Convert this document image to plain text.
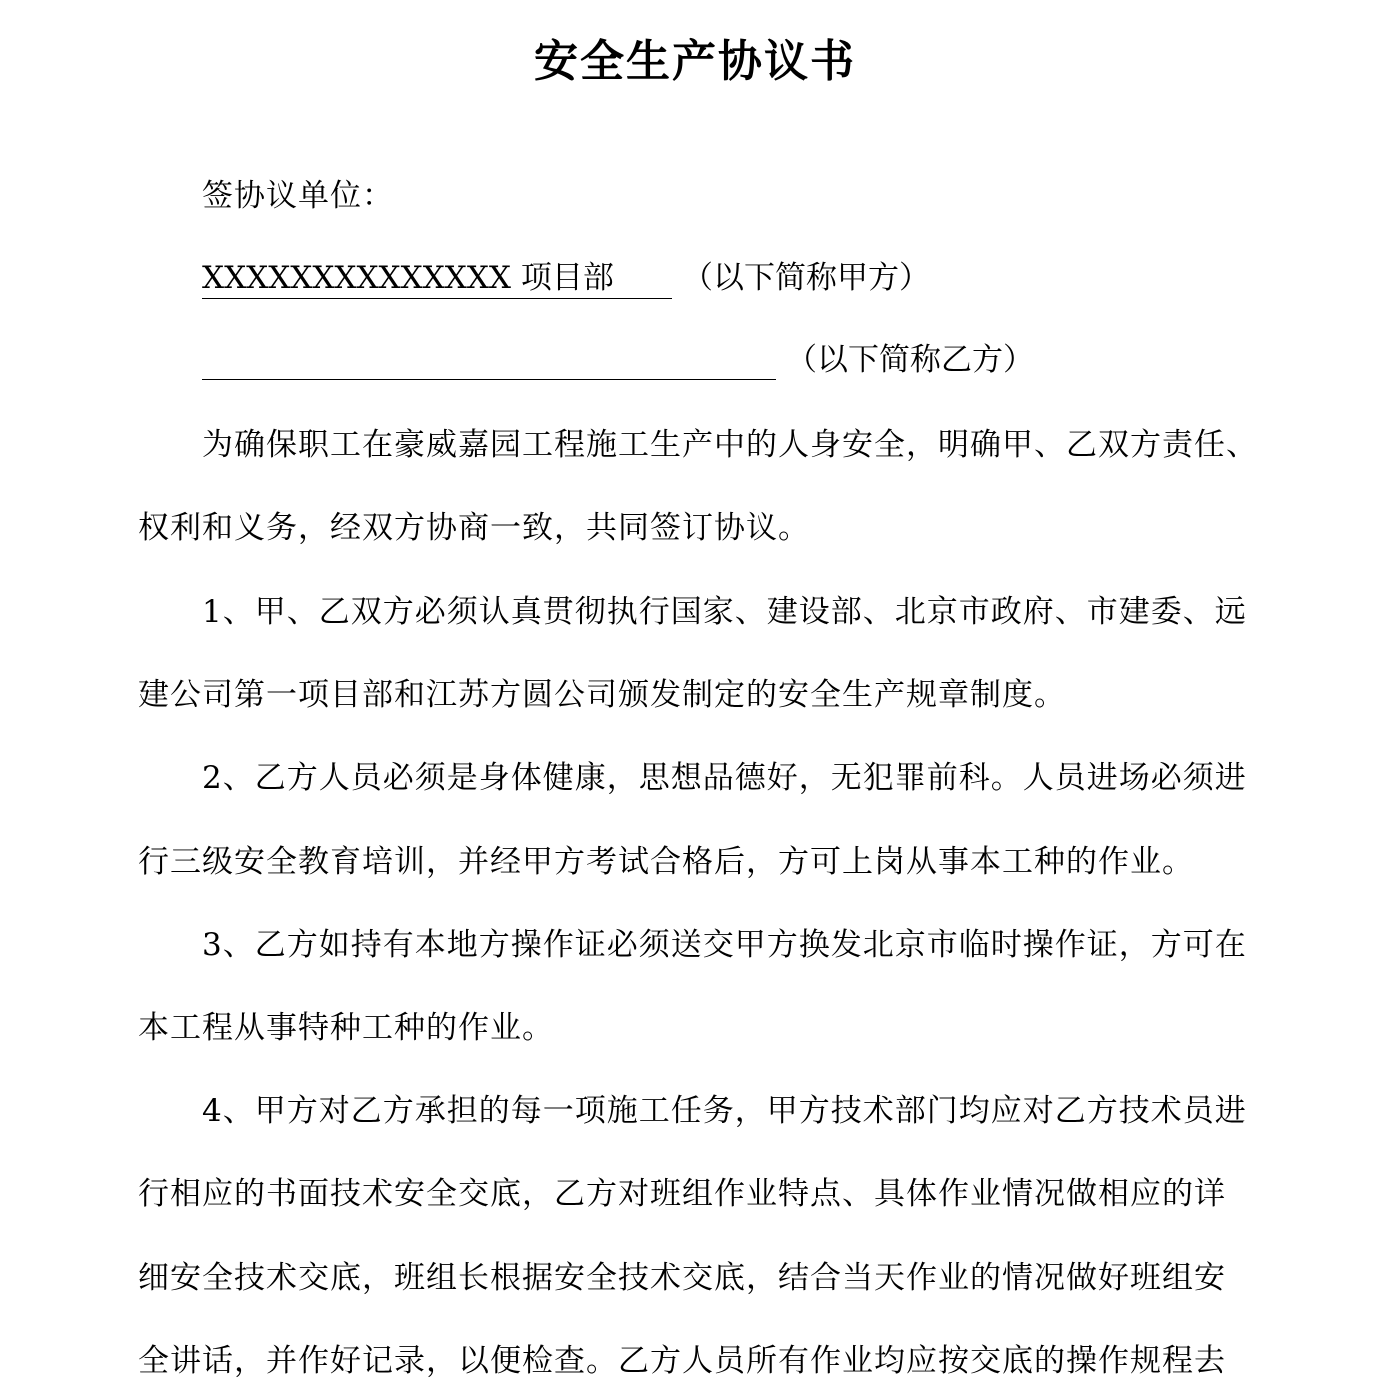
安全生产协议书
签协议单位：
XXXXXXXXXXXXXX 项目部 （以下简称甲方）
（以下简称乙方）
为确保职工在豪威嘉园工程施工生产中的人身安全，明确甲、乙双方责任、
权利和义务，经双方协商一致，共同签订协议。
1、甲、乙双方必须认真贯彻执行国家、建设部、北京市政府、市建委、远
建公司第一项目部和江苏方圆公司颁发制定的安全生产规章制度。
2、乙方人员必须是身体健康，思想品德好，无犯罪前科。人员进场必须进
行三级安全教育培训，并经甲方考试合格后，方可上岗从事本工种的作业。
3、乙方如持有本地方操作证必须送交甲方换发北京市临时操作证，方可在
本工程从事特种工种的作业。
4、甲方对乙方承担的每一项施工任务，甲方技术部门均应对乙方技术员进
行相应的书面技术安全交底，乙方对班组作业特点、具体作业情况做相应的详
细安全技术交底，班组长根据安全技术交底，结合当天作业的情况做好班组安
全讲话，并作好记录，以便检查。乙方人员所有作业均应按交底的操作规程去
